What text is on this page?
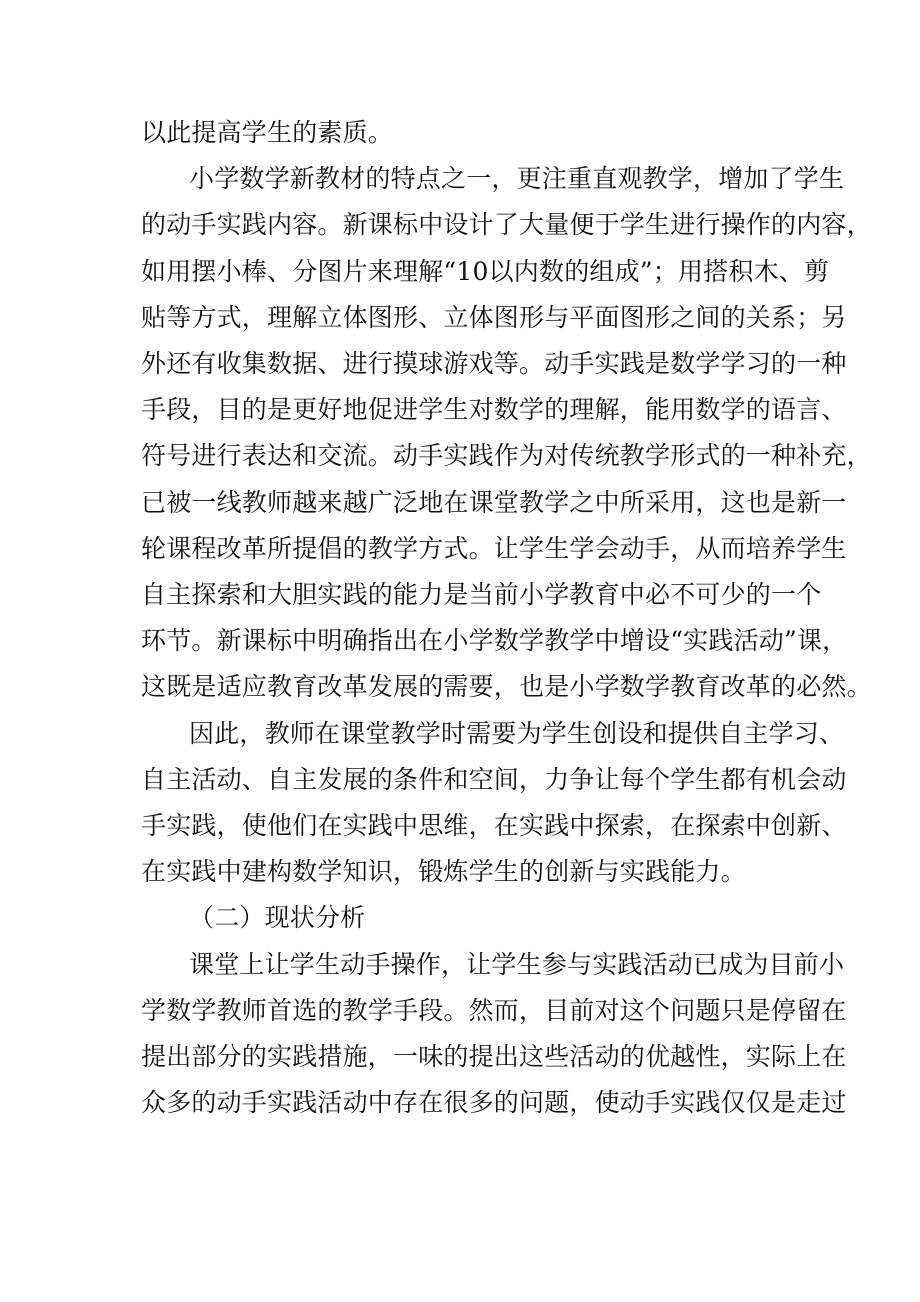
以此提高学生的素质。
小学数学新教材的特点之一，更注重直观教学，增加了学生
的动手实践内容。新课标中设计了大量便于学生进行操作的内容，
如用摆小棒、分图片来理解“10以内数的组成”；用搭积木、剪
贴等方式，理解立体图形、立体图形与平面图形之间的关系；另
外还有收集数据、进行摸球游戏等。动手实践是数学学习的一种
手段，目的是更好地促进学生对数学的理解，能用数学的语言、
符号进行表达和交流。动手实践作为对传统教学形式的一种补充，
已被一线教师越来越广泛地在课堂教学之中所采用，这也是新一
轮课程改革所提倡的教学方式。让学生学会动手，从而培养学生
自主探索和大胆实践的能力是当前小学教育中必不可少的一个
环节。新课标中明确指出在小学数学教学中增设“实践活动”课，
这既是适应教育改革发展的需要，也是小学数学教育改革的必然。
因此，教师在课堂教学时需要为学生创设和提供自主学习、
自主活动、自主发展的条件和空间，力争让每个学生都有机会动
手实践，使他们在实践中思维，在实践中探索，在探索中创新、
在实践中建构数学知识，锻炼学生的创新与实践能力。
（二）现状分析
课堂上让学生动手操作，让学生参与实践活动已成为目前小
学数学教师首选的教学手段。然而，目前对这个问题只是停留在
提出部分的实践措施，一味的提出这些活动的优越性，实际上在
众多的动手实践活动中存在很多的问题，使动手实践仅仅是走过
